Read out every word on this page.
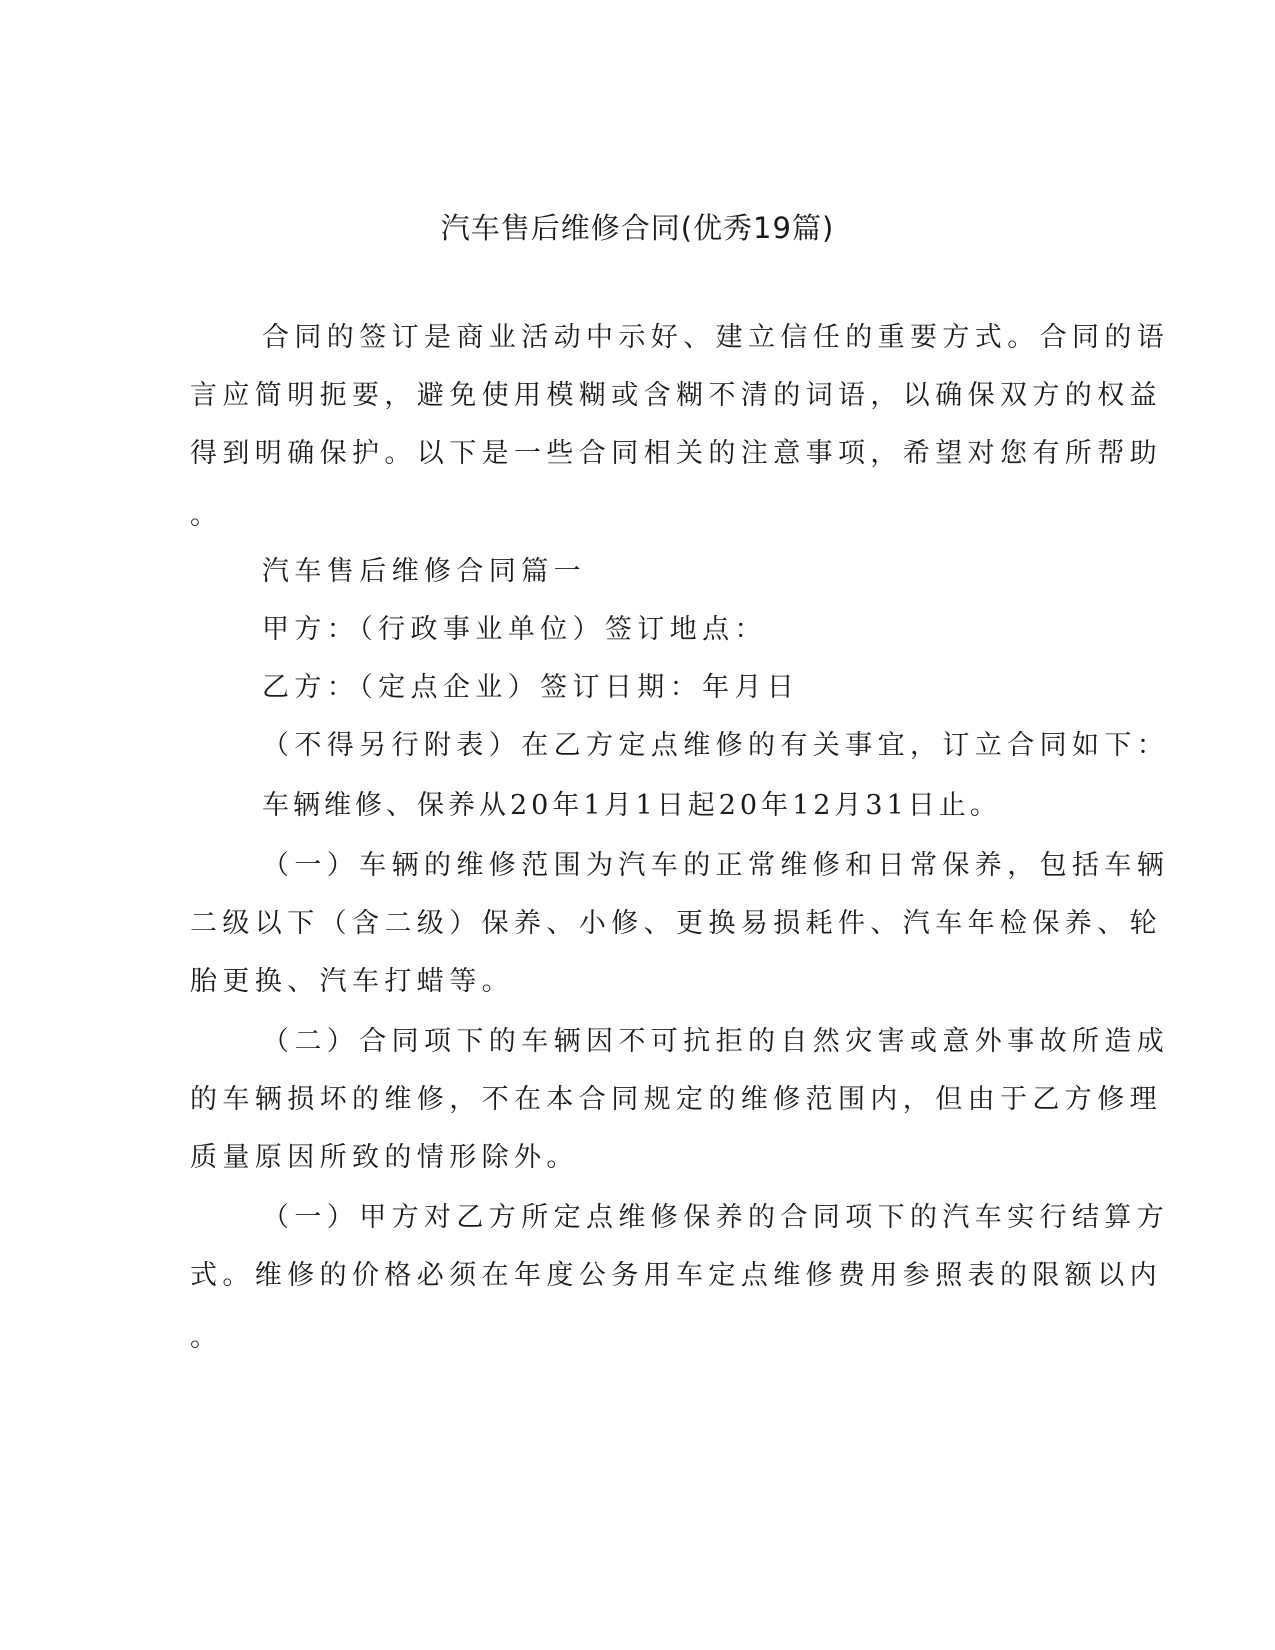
汽车售后维修合同(优秀19篇)
合同的签订是商业活动中示好、建立信任的重要方式。合同的语
言应简明扼要，避免使用模糊或含糊不清的词语，以确保双方的权益
得到明确保护。以下是一些合同相关的注意事项，希望对您有所帮助
。
汽车售后维修合同篇一
甲方：（行政事业单位）签订地点：
乙方：（定点企业）签订日期：年月日
（不得另行附表）在乙方定点维修的有关事宜，订立合同如下：
车辆维修、保养从20年1月1日起20年12月31日止。
（一）车辆的维修范围为汽车的正常维修和日常保养，包括车辆
二级以下（含二级）保养、小修、更换易损耗件、汽车年检保养、轮
胎更换、汽车打蜡等。
（二）合同项下的车辆因不可抗拒的自然灾害或意外事故所造成
的车辆损坏的维修，不在本合同规定的维修范围内，但由于乙方修理
质量原因所致的情形除外。
（一）甲方对乙方所定点维修保养的合同项下的汽车实行结算方
式。维修的价格必须在年度公务用车定点维修费用参照表的限额以内
。
